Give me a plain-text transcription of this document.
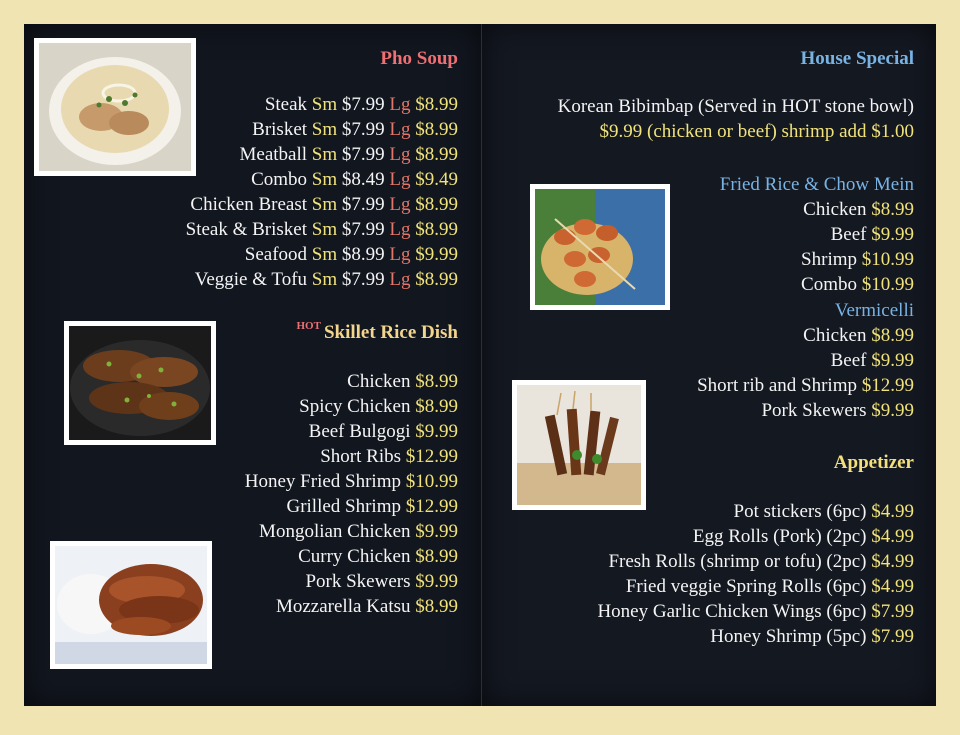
Pho Soup
Steak Sm $7.99 Lg $8.99
Brisket Sm $7.99 Lg $8.99
Meatball Sm $7.99 Lg $8.99
Combo Sm $8.49 Lg $9.49
Chicken Breast Sm $7.99 Lg $8.99
Steak & Brisket Sm $7.99 Lg $8.99
Seafood Sm $8.99 Lg $9.99
Veggie & Tofu Sm $7.99 Lg $8.99
$^{HOT}$ Skillet Rice Dish
Chicken $8.99
Spicy Chicken $8.99
Beef Bulgogi $9.99
Short Ribs $12.99
Honey Fried Shrimp $10.99
Grilled Shrimp $12.99
Mongolian Chicken $9.99
Curry Chicken $8.99
Pork Skewers $9.99
Mozzarella Katsu $8.99
House Special
Korean Bibimbap (Served in HOT stone bowl)
$9.99 (chicken or beef) shrimp add $1.00
Fried Rice & Chow Mein
Chicken $8.99
Beef $9.99
Shrimp $10.99
Combo $10.99
Vermicelli
Chicken $8.99
Beef $9.99
Short rib and Shrimp $12.99
Pork Skewers $9.99
Appetizer
Pot stickers (6pc) $4.99
Egg Rolls (Pork) (2pc) $4.99
Fresh Rolls (shrimp or tofu) (2pc) $4.99
Fried veggie Spring Rolls (6pc) $4.99
Honey Garlic Chicken Wings (6pc) $7.99
Honey Shrimp (5pc) $7.99
